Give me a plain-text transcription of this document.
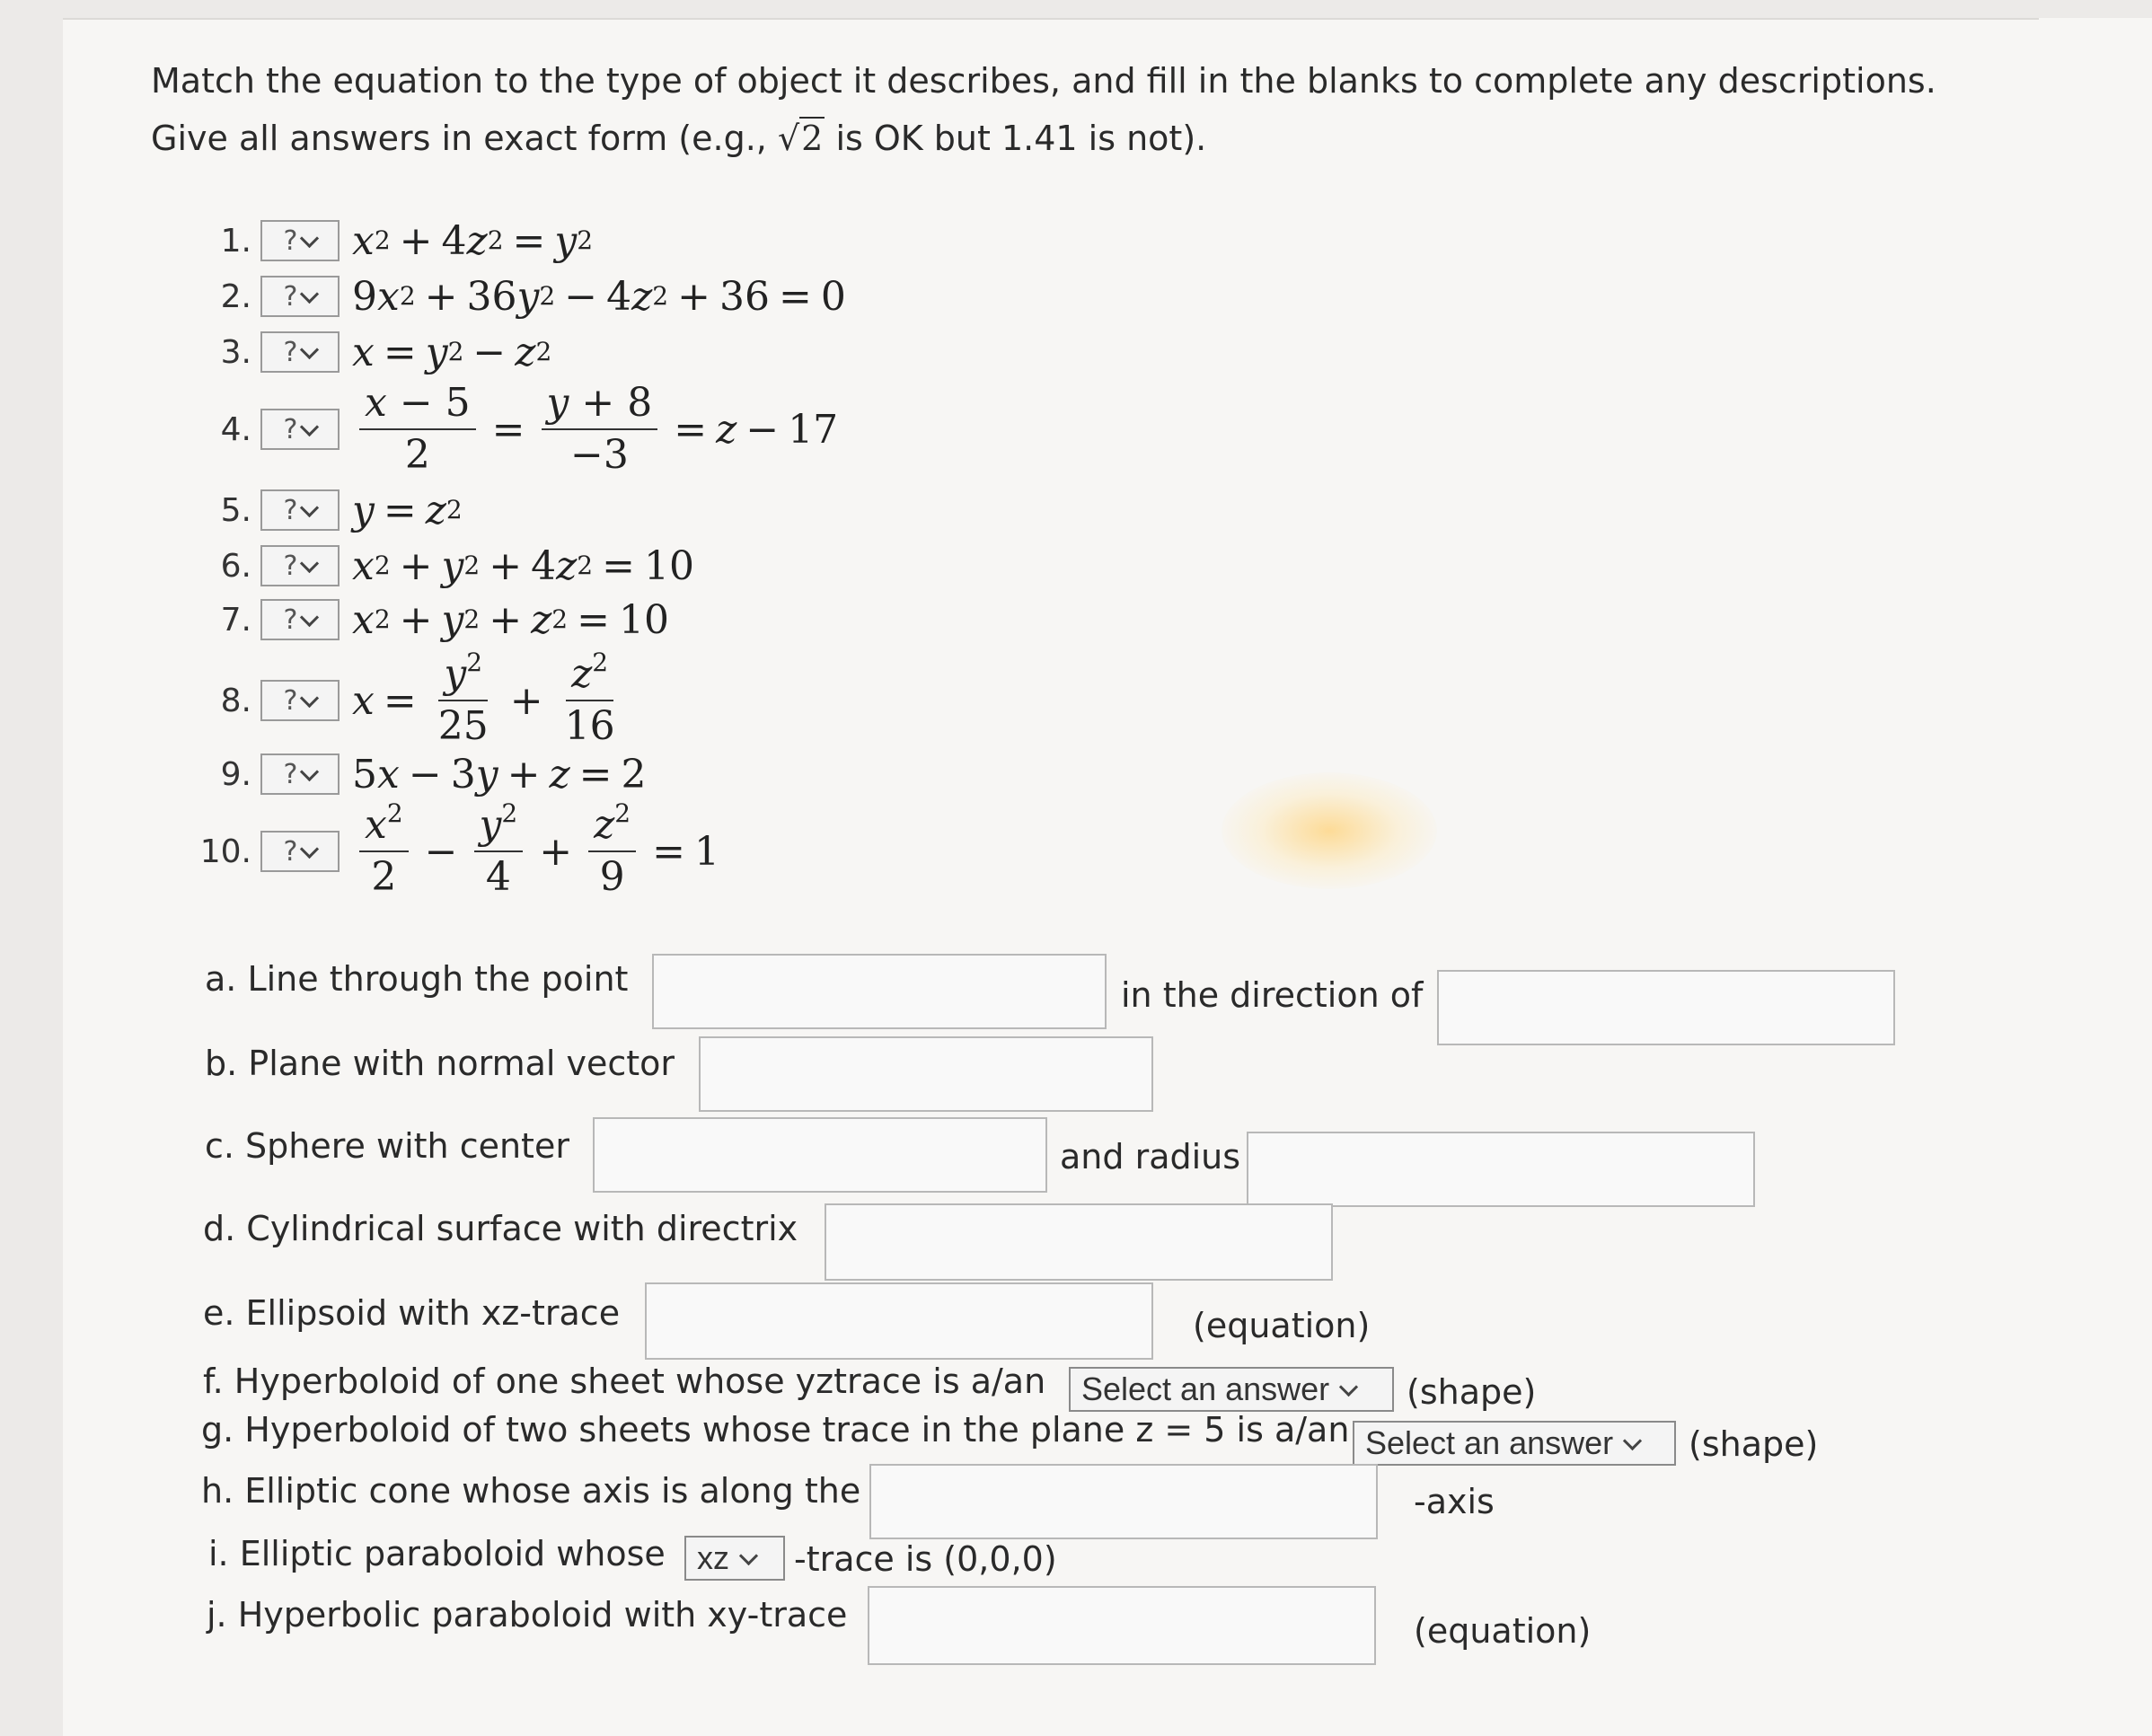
Match the equation to the type of object it describes, and fill in the blanks to complete any descriptions.
Give all answers in exact form (e.g., √2 is OK but 1.41 is not).
1. ? x 2 + 4 z 2 = y 2
2. ? 9 x 2 + 36 y 2 − 4 z 2 + 36 = 0
3. ? x = y 2 − z 2
4. ? $\frac{x - 5}{2} = \frac{y + 8}{-3} = z - 17$
5. ? y = z 2
6. ? x 2 + y 2 + 4 z 2 = 10
7. ? x 2 + y 2 + z 2 = 10
8. ? $x = \frac{y^2}{25} + \frac{z^2}{16}$
9. ? 5 x − 3 y + z = 2
10. ? $\frac{x^2}{2} - \frac{y^2}{4} + \frac{z^2}{9} = 1$
a. Line through the point	in the direction of
b. Plane with normal vector
c. Sphere with center	and radius
d. Cylindrical surface with directrix
e. Ellipsoid with xz-trace	(equation)
f. Hyperboloid of one sheet whose yztrace is a/an Select an answer (shape)
g. Hyperboloid of two sheets whose trace in the plane z = 5 is a/an Select an answer (shape)
h. Elliptic cone whose axis is along the	-axis
i. Elliptic paraboloid whose xz -trace is (0,0,0)
j. Hyperbolic paraboloid with xy-trace	(equation)
